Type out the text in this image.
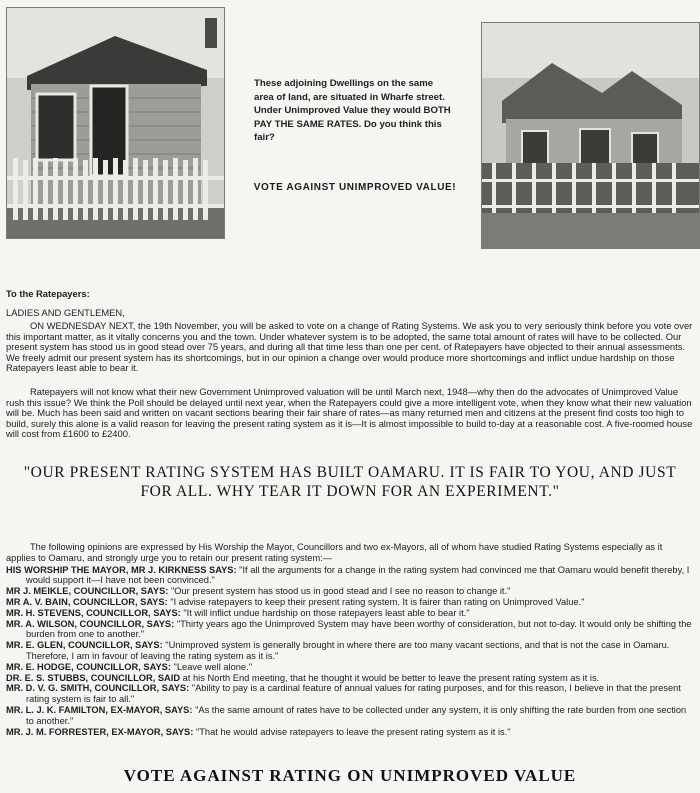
These adjoining Dwellings on the same area of land, are situated in Wharfe street. Under Unimproved Value they would BOTH PAY THE SAME RATES. Do you think this fair?
VOTE AGAINST UNIMPROVED VALUE!
To the Ratepayers:
LADIES AND GENTLEMEN,
ON WEDNESDAY NEXT, the 19th November, you will be asked to vote on a change of Rating Systems. We ask you to very seriously think before you vote over this important matter, as it vitally concerns you and the town. Under whatever system is to be adopted, the same total amount of rates will have to be collected. Our present system has stood us in good stead over 75 years, and during all that time less than one per cent. of Ratepayers have objected to their annual assessments. We freely admit our present system has its shortcomings, but in our opinion a change over would produce more shortcomings and inflict undue hardship on those Ratepayers least able to bear it.
Ratepayers will not know what their new Government Unimproved valuation will be until March next, 1948—why then do the advocates of Unimproved Value rush this issue? We think the Poll should be delayed until next year, when the Ratepayers could give a more intelligent vote, when they know what their new valuation will be. Much has been said and written on vacant sections bearing their fair share of rates—as many returned men and citizens at the present find costs too high to build, surely this alone is a valid reason for leaving the present rating system as it is—It is almost impossible to build to-day at a reasonable cost. A five-roomed house will cost from £1600 to £2400.
"OUR PRESENT RATING SYSTEM HAS BUILT OAMARU. IT IS FAIR TO YOU, AND JUST FOR ALL. WHY TEAR IT DOWN FOR AN EXPERIMENT."
The following opinions are expressed by His Worship the Mayor, Councillors and two ex-Mayors, all of whom have studied Rating Systems especially as it applies to Oamaru, and strongly urge you to retain our present rating system:—
HIS WORSHIP THE MAYOR, MR J. KIRKNESS SAYS: "If all the arguments for a change in the rating system had convinced me that Oamaru would benefit thereby, I would support it—I have not been convinced."
MR J. MEIKLE, COUNCILLOR, SAYS: "Our present system has stood us in good stead and I see no reason to change it."
MR A. V. BAIN, COUNCILLOR, SAYS: "I advise ratepayers to keep their present rating system. It is fairer than rating on Unimproved Value."
MR. H. STEVENS, COUNCILLOR, SAYS: "It will inflict undue hardship on those ratepayers least able to bear it."
MR. A. WILSON, COUNCILLOR, SAYS: "Thirty years ago the Unimproved System may have been worthy of consideration, but not to-day. It would only be shifting the burden from one to another."
MR. E. GLEN, COUNCILLOR, SAYS: "Unimproved system is generally brought in where there are too many vacant sections, and that is not the case in Oamaru. Therefore, I am in favour of leaving the rating system as it is."
MR. E. HODGE, COUNCILLOR, SAYS: "Leave well alone."
DR. E. S. STUBBS, COUNCILLOR, SAID at his North End meeting, that he thought it would be better to leave the present rating system as it is.
MR. D. V. G. SMITH, COUNCILLOR, SAYS: "Ability to pay is a cardinal feature of annual values for rating purposes, and for this reason, I believe in that the present rating system is fair to all."
MR. L. J. K. FAMILTON, EX-MAYOR, SAYS: "As the same amount of rates have to be collected under any system, it is only shifting the rate burden from one section to another."
MR. J. M. FORRESTER, EX-MAYOR, SAYS: "That he would advise ratepayers to leave the present rating system as it is."
VOTE AGAINST RATING ON UNIMPROVED VALUE
